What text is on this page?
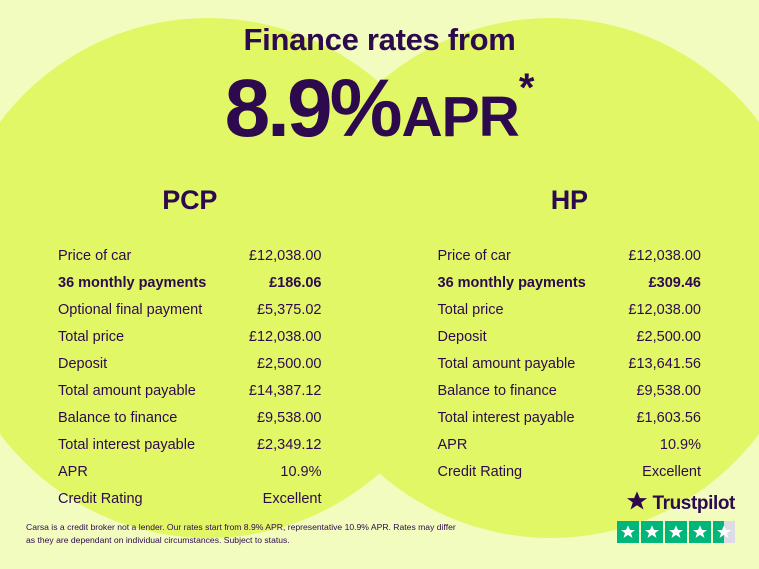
Finance rates from
8.9%APR*
PCP
Price of car	£12,038.00
36 monthly payments	£186.06
Optional final payment	£5,375.02
Total price	£12,038.00
Deposit	£2,500.00
Total amount payable	£14,387.12
Balance to finance	£9,538.00
Total interest payable	£2,349.12
APR	10.9%
Credit Rating	Excellent
HP
Price of car	£12,038.00
36 monthly payments	£309.46
Total price	£12,038.00
Deposit	£2,500.00
Total amount payable	£13,641.56
Balance to finance	£9,538.00
Total interest payable	£1,603.56
APR	10.9%
Credit Rating	Excellent
Carsa is a credit broker not a lender. Our rates start from 8.9% APR, representative 10.9% APR. Rates may differ as they are dependant on individual circumstances. Subject to status.
Trustpilot
